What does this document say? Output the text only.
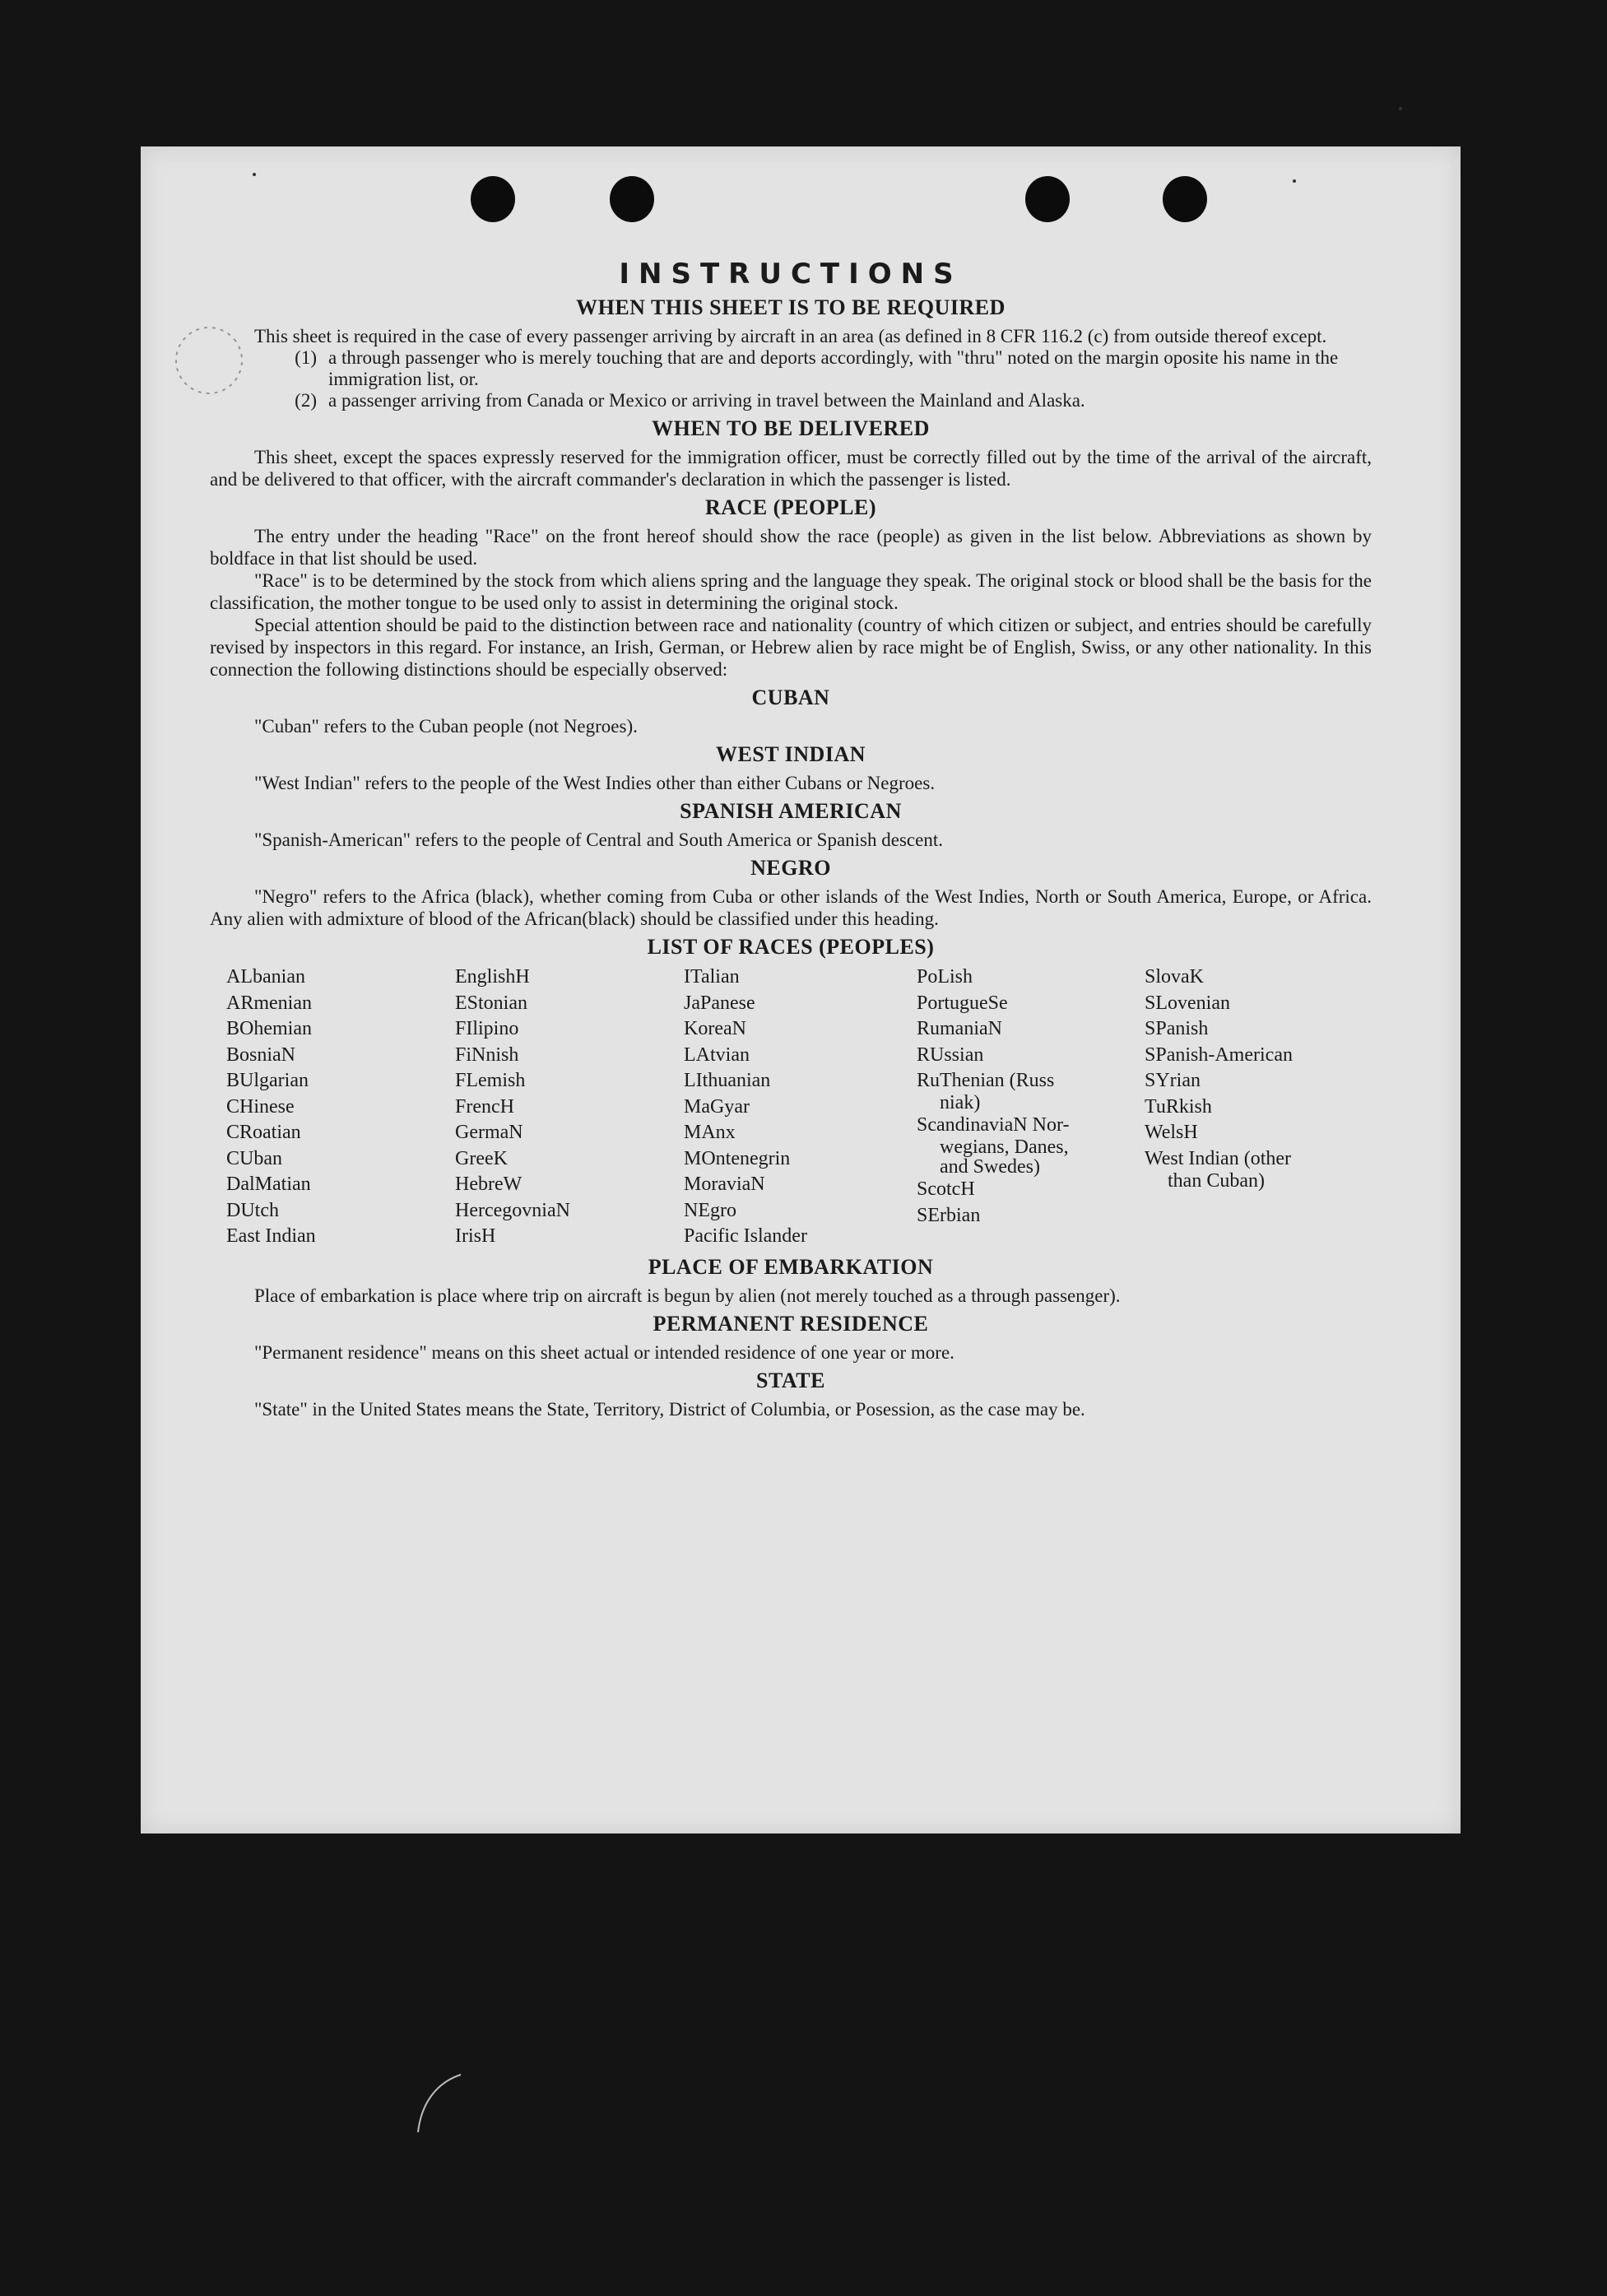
INSTRUCTIONS
WHEN THIS SHEET IS TO BE REQUIRED

This sheet is required in the case of every passenger arriving by aircraft in an area (as defined in 8 CFR 116.2 (c) from outside thereof except.

(1) a through passenger who is merely touching that are and deports accordingly, with "thru" noted on the margin oposite his name in the immigration list, or.
(2) a passenger arriving from Canada or Mexico or arriving in travel between the Mainland and Alaska.
WHEN TO BE DELIVERED

This sheet, except the spaces expressly reserved for the immigration officer, must be correctly filled out by the time of the arrival of the aircraft, and be delivered to that officer, with the aircraft commander's declaration in which the passenger is listed.

RACE (PEOPLE)

The entry under the heading "Race" on the front hereof should show the race (people) as given in the list below. Abbreviations as shown by boldface in that list should be used.

"Race" is to be determined by the stock from which aliens spring and the language they speak. The original stock or blood shall be the basis for the classification, the mother tongue to be used only to assist in determining the original stock.

Special attention should be paid to the distinction between race and nationality (country of which citizen or subject, and entries should be carefully revised by inspectors in this regard. For instance, an Irish, German, or Hebrew alien by race might be of English, Swiss, or any other nationality. In this connection the following distinctions should be especially observed:

CUBAN

"Cuban" refers to the Cuban people (not Negroes).

WEST INDIAN

"West Indian" refers to the people of the West Indies other than either Cubans or Negroes.

SPANISH AMERICAN

"Spanish-American" refers to the people of Central and South America or Spanish descent.

NEGRO

"Negro" refers to the Africa (black), whether coming from Cuba or other islands of the West Indies, North or South America, Europe, or Africa. Any alien with admixture of blood of the African(black) should be classified under this heading.

LIST OF RACES (PEOPLES)
ALbanian
ARmenian
BOhemian
BosniaN
BUlgarian
CHinese
CRoatian
CUban
DalMatian
DUtch
East Indian
EnglishH
EStonian
FIlipino
FiNnish
FLemish
FrencH
GermaN
GreeK
HebreW
HercegovniaN
IrisH
ITalian
JaPanese
KoreaN
LAtvian
LIthuanian
MaGyar
MAnx
MOntenegrin
MoraviaN
NEgro
Pacific Islander
PoLish
PortugueSe
RumaniaN
RUssian
RuThenian (Russ
niak)
ScandinaviaN Nor-
wegians, Danes,
and Swedes)
ScotcH
SErbian
SlovaK
SLovenian
SPanish
SPanish-American
SYrian
TuRkish
WelsH
West Indian (other
than Cuban)
PLACE OF EMBARKATION

Place of embarkation is place where trip on aircraft is begun by alien (not merely touched as a through passenger).

PERMANENT RESIDENCE

"Permanent residence" means on this sheet actual or intended residence of one year or more.

STATE

"State" in the United States means the State, Territory, District of Columbia, or Posession, as the case may be.
